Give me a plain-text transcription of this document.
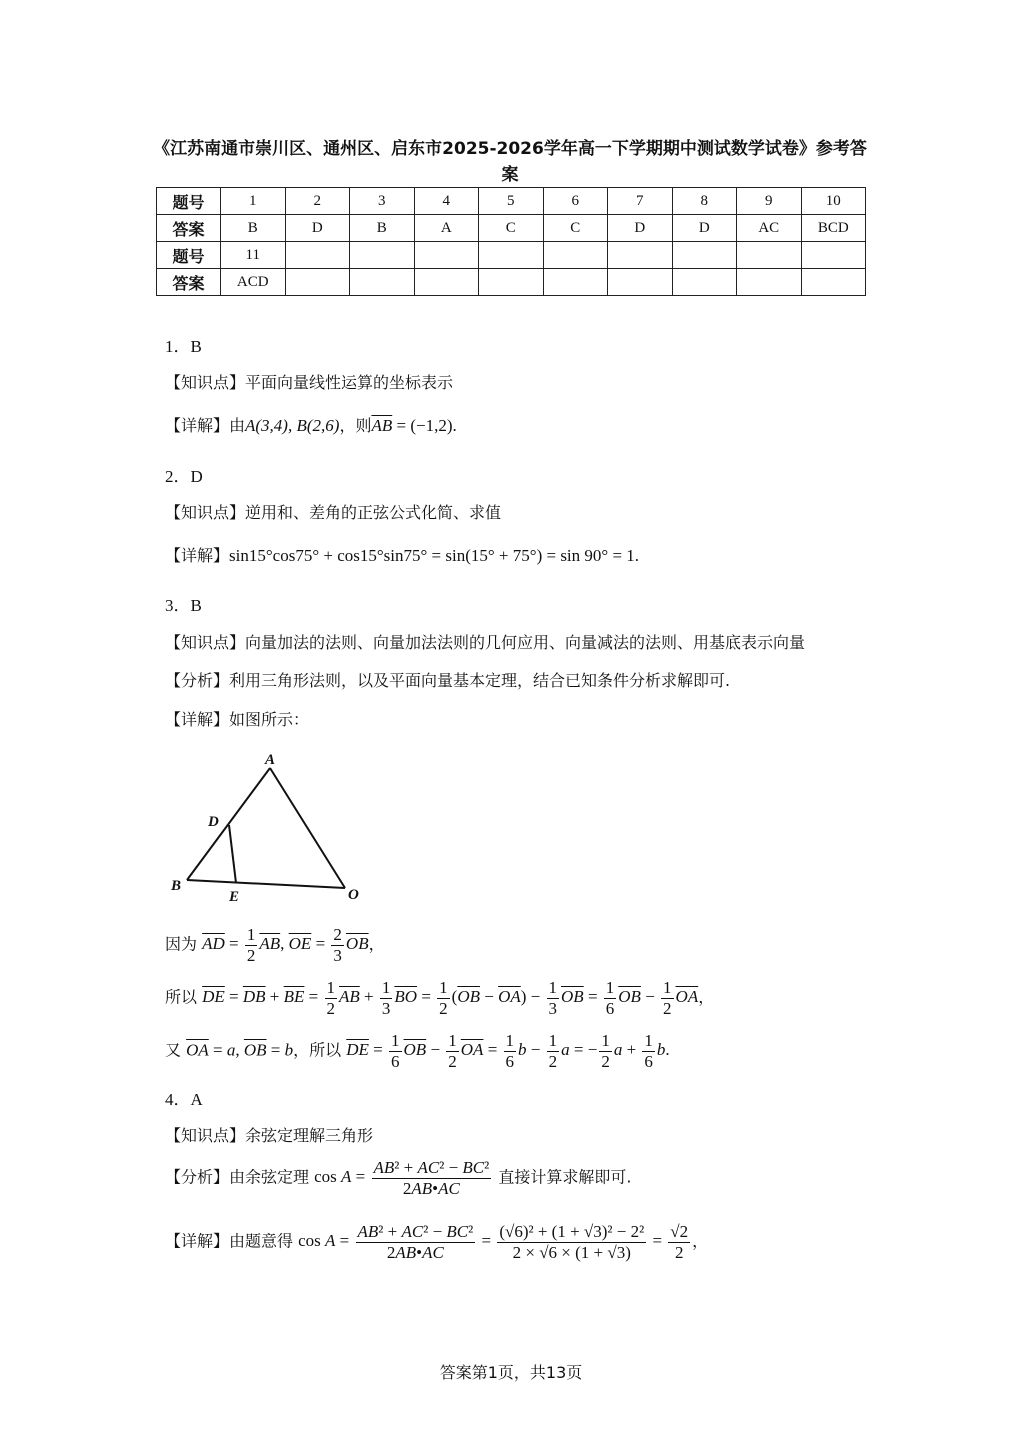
《江苏南通市崇川区、通州区、启东市2025-2026学年高一下学期期中测试数学试卷》参考答案
题号	1	2	3	4	5	6	7	8	9	10
答案	B	D	B	A	C	C	D	D	AC	BCD
题号	11									
答案	ACD									
1．B
【知识点】平面向量线性运算的坐标表示
【详解】由A(3,4), B(2,6)，则$\overline{AB} = (-1,2)$.
2．D
【知识点】逆用和、差角的正弦公式化简、求值
【详解】sin15°cos75° + cos15°sin75° = sin(15° + 75°) = sin 90° = 1.
3．B
【知识点】向量加法的法则、向量加法法则的几何应用、向量减法的法则、用基底表示向量
【分析】利用三角形法则，以及平面向量基本定理，结合已知条件分析求解即可.
【详解】如图所示：
A
D
B
E	O
因为 $\overline{AD} = \frac{1}{2} \overline{AB}$, $\overline{OE} = \frac{2}{3} \overline{OB}$，
所以 $\overline{DE} = \overline{DB} + \overline{BE} = \frac{1}{2} \overline{AB} + \frac{1}{3} \overline{BO} = \frac{1}{2} (\overline{OB} - \overline{OA}) - \frac{1}{3} \overline{OB} = \frac{1}{6} \overline{OB} - \frac{1}{2} \overline{OA}$，
又 $\overline{OA} = a$, $\overline{OB} = b$，所以 $\overline{DE} = \frac{1}{6} \overline{OB} - \frac{1}{2} \overline{OA} = \frac{1}{6}$ $b - \frac{1}{2}$ a = − $\frac{1}{2}$ $a + \frac{1}{6} b$.
4．A
【知识点】余弦定理解三角形
【分析】由余弦定理 $\cos A = \frac{\text{AB² + AC² − BC²}}{2AB•AC}$ 直接计算求解即可.
【详解】由题意得 $\cos A = \frac{\text{AB² + AC² − BC²}}{2AB•AC} = \frac{\text{(√6)² + (1 + √3)² − 2²}}{2 \times √6 \times (1 + √3)} = \frac{√2}{2}$ ，
答案第1页，共13页
